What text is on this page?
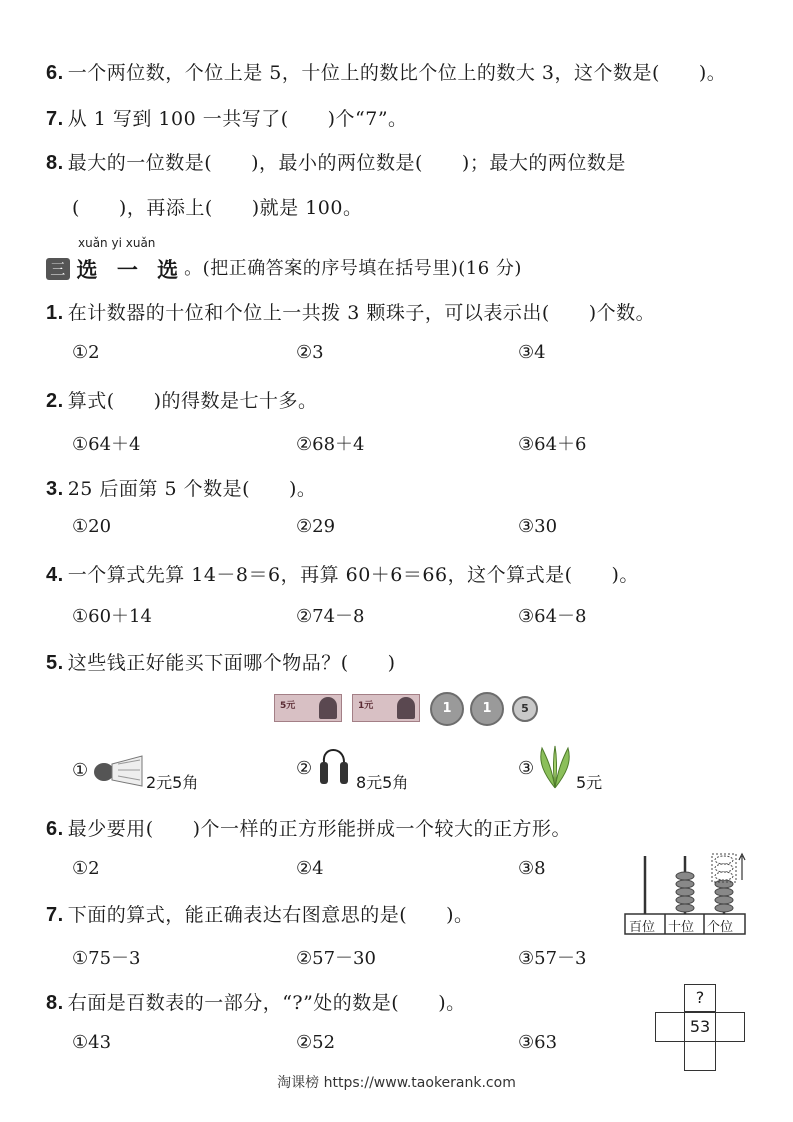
6. 一个两位数，个位上是 5，十位上的数比个位上的数大 3，这个数是(　　)。
7. 从 1 写到 100 一共写了(　　)个“7”。
8. 最大的一位数是(　　)，最小的两位数是(　　)；最大的两位数是
(　　)，再添上(　　)就是 100。
xuǎn yi xuǎn
三 选 一 选。(把正确答案的序号填在括号里)(16 分)
1. 在计数器的十位和个位上一共拨 3 颗珠子，可以表示出(　　)个数。
①2	②3	③4
2. 算式(　　)的得数是七十多。
①64＋4	②68＋4	③64＋6
3. 25 后面第 5 个数是(　　)。
①20	②29	③30
4. 一个算式先算 14－8＝6，再算 60＋6＝66，这个算式是(　　)。
①60＋14	②74－8	③64－8
5. 这些钱正好能买下面哪个物品？(　　)
5元	1元	1	1	5
①
2元5角
②
8元5角
③
5元
6. 最少要用(　　)个一样的正方形能拼成一个较大的正方形。
①2	②4	③8
百位 十位 个位
7. 下面的算式，能正确表达右图意思的是(　　)。
①75－3	②57－30	③57－3
8. 右面是百数表的一部分，“?”处的数是(　　)。
①43	②52	③63
?
53
淘课榜 https://www.taokerank.com
